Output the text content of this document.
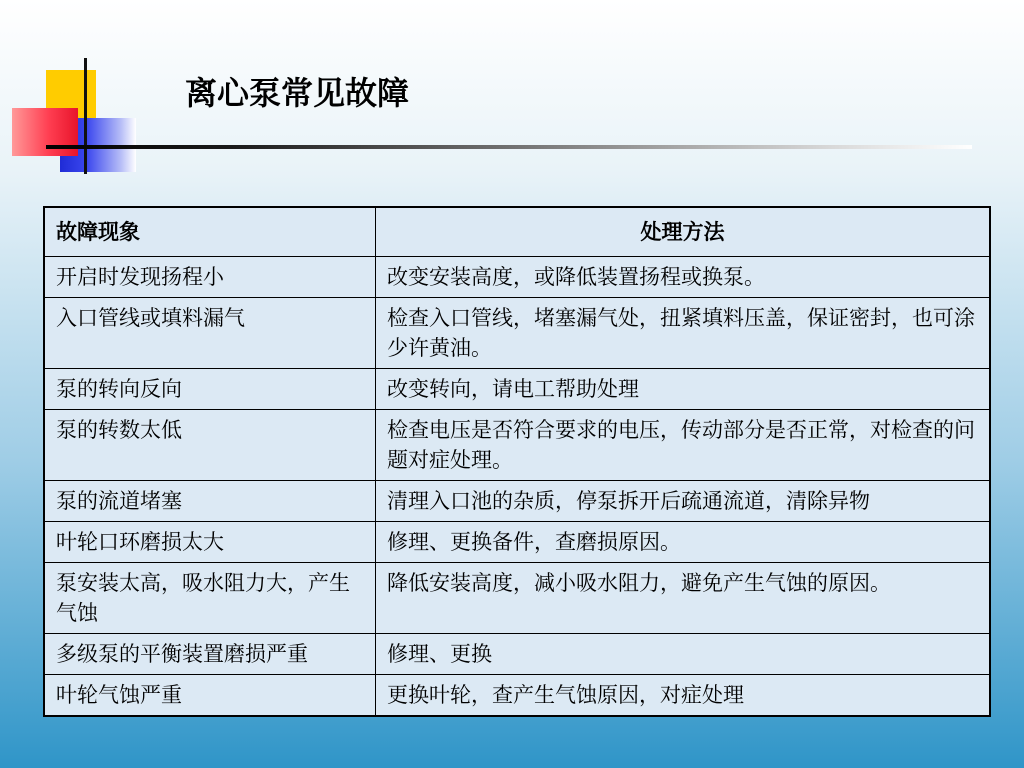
离心泵常见故障
故障现象	处理方法
开启时发现扬程小	改变安装高度，或降低装置扬程或换泵。
入口管线或填料漏气	检查入口管线，堵塞漏气处，扭紧填料压盖，保证密封，也可涂少许黄油。
泵的转向反向	改变转向，请电工帮助处理
泵的转数太低	检查电压是否符合要求的电压，传动部分是否正常，对检查的问题对症处理。
泵的流道堵塞	清理入口池的杂质，停泵拆开后疏通流道，清除异物
叶轮口环磨损太大	修理、更换备件，查磨损原因。
泵安装太高，吸水阻力大，产生气蚀	降低安装高度，减小吸水阻力，避免产生气蚀的原因。
多级泵的平衡装置磨损严重	修理、更换
叶轮气蚀严重	更换叶轮，查产生气蚀原因，对症处理
